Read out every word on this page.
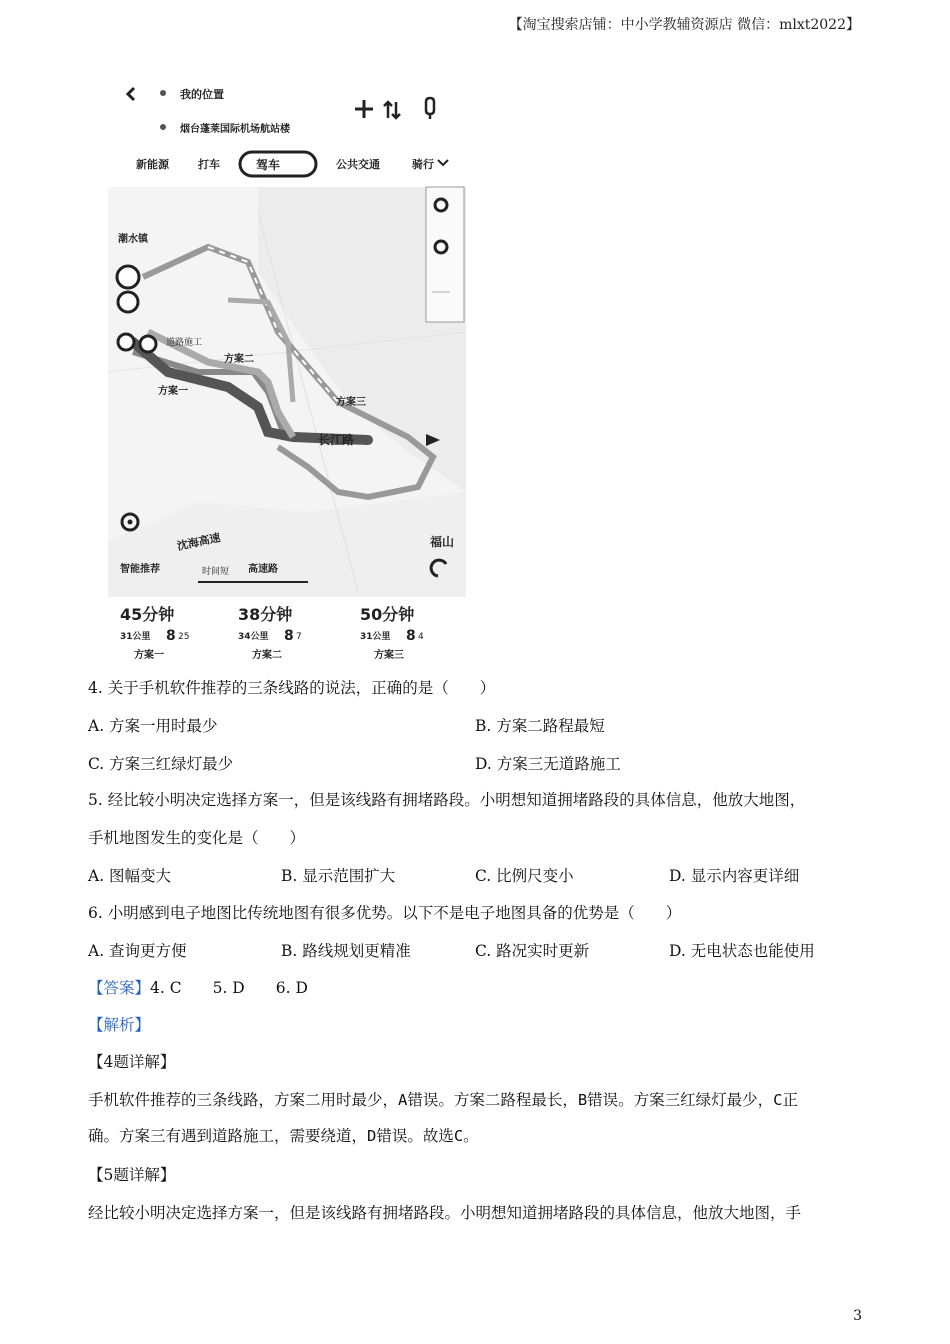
【淘宝搜索店铺：中小学教辅资源店 微信：mlxt2022】
我的位置
烟台蓬莱国际机场航站楼
新能源	打车	驾车	公共交通	骑行
潮水镇
道路施工
方案二
方案一
方案三
长江路
沈海高速	福山
智能推荐	时间短 高速路
45分钟
31公里 8 25
方案一
38分钟
34公里 8 7
方案二
50分钟
31公里 8 4
方案三
4. 关于手机软件推荐的三条线路的说法，正确的是（　　）
A. 方案一用时最少	B. 方案二路程最短
C. 方案三红绿灯最少	D. 方案三无道路施工
5. 经比较小明决定选择方案一，但是该线路有拥堵路段。小明想知道拥堵路段的具体信息，他放大地图，
手机地图发生的变化是（　　）
A. 图幅变大	B. 显示范围扩大	C. 比例尺变小	D. 显示内容更详细
6. 小明感到电子地图比传统地图有很多优势。以下不是电子地图具备的优势是（　　）
A. 查询更方便	B. 路线规划更精准	C. 路况实时更新	D. 无电状态也能使用
【答案】4. C　　5. D　　6. D
【解析】
【4题详解】
手机软件推荐的三条线路，方案二用时最少，A错误。方案二路程最长，B错误。方案三红绿灯最少，C正
确。方案三有遇到道路施工，需要绕道，D错误。故选C。
【5题详解】
经比较小明决定选择方案一，但是该线路有拥堵路段。小明想知道拥堵路段的具体信息，他放大地图，手
3
